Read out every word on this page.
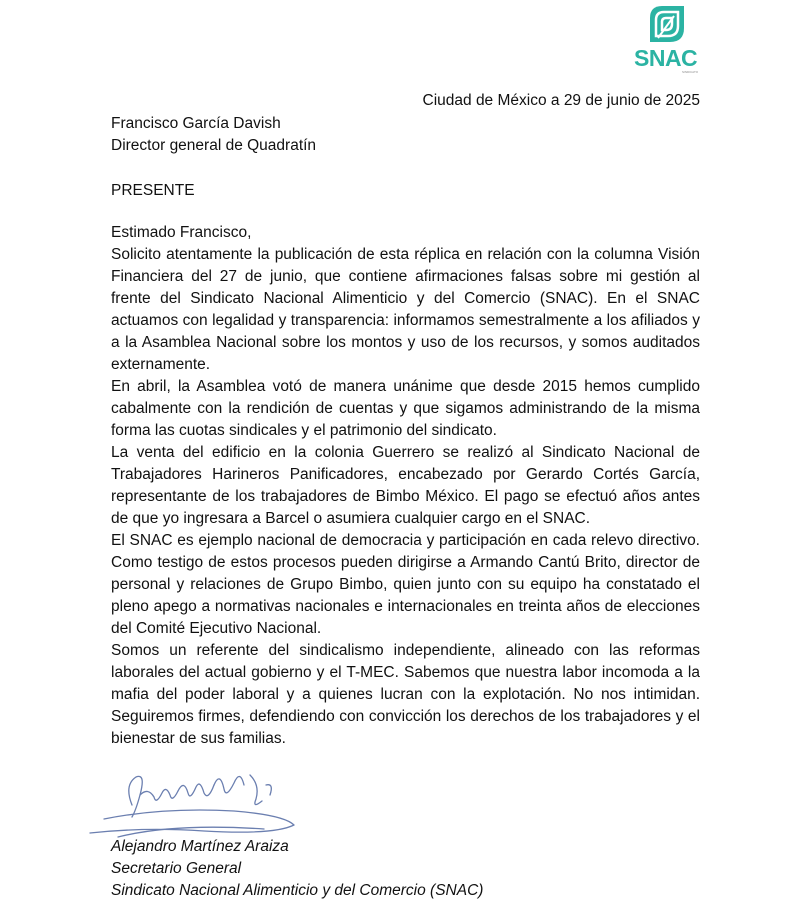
SNAC
SINDICATO
Ciudad de México a 29 de junio de 2025
Francisco García Davish
Director general de Quadratín
PRESENTE

Estimado Francisco,

Solicito atentamente la publicación de esta réplica en relación con la columna Visión Financiera del 27 de junio, que contiene afirmaciones falsas sobre mi gestión al frente del Sindicato Nacional Alimenticio y del Comercio (SNAC). En el SNAC actuamos con legalidad y transparencia: informamos semestralmente a los afiliados y a la Asamblea Nacional sobre los montos y uso de los recursos, y somos auditados externamente.

En abril, la Asamblea votó de manera unánime que desde 2015 hemos cumplido cabalmente con la rendición de cuentas y que sigamos administrando de la misma forma las cuotas sindicales y el patrimonio del sindicato.

La venta del edificio en la colonia Guerrero se realizó al Sindicato Nacional de Trabajadores Harineros Panificadores, encabezado por Gerardo Cortés García, representante de los trabajadores de Bimbo México. El pago se efectuó años antes de que yo ingresara a Barcel o asumiera cualquier cargo en el SNAC.

El SNAC es ejemplo nacional de democracia y participación en cada relevo directivo. Como testigo de estos procesos pueden dirigirse a Armando Cantú Brito, director de personal y relaciones de Grupo Bimbo, quien junto con su equipo ha constatado el pleno apego a normativas nacionales e internacionales en treinta años de elecciones del Comité Ejecutivo Nacional.

Somos un referente del sindicalismo independiente, alineado con las reformas laborales del actual gobierno y el T-MEC. Sabemos que nuestra labor incomoda a la mafia del poder laboral y a quienes lucran con la explotación. No nos intimidan. Seguiremos firmes, defendiendo con convicción los derechos de los trabajadores y el bienestar de sus familias.

Alejandro Martínez Araiza
Secretario General
Sindicato Nacional Alimenticio y del Comercio (SNAC)
